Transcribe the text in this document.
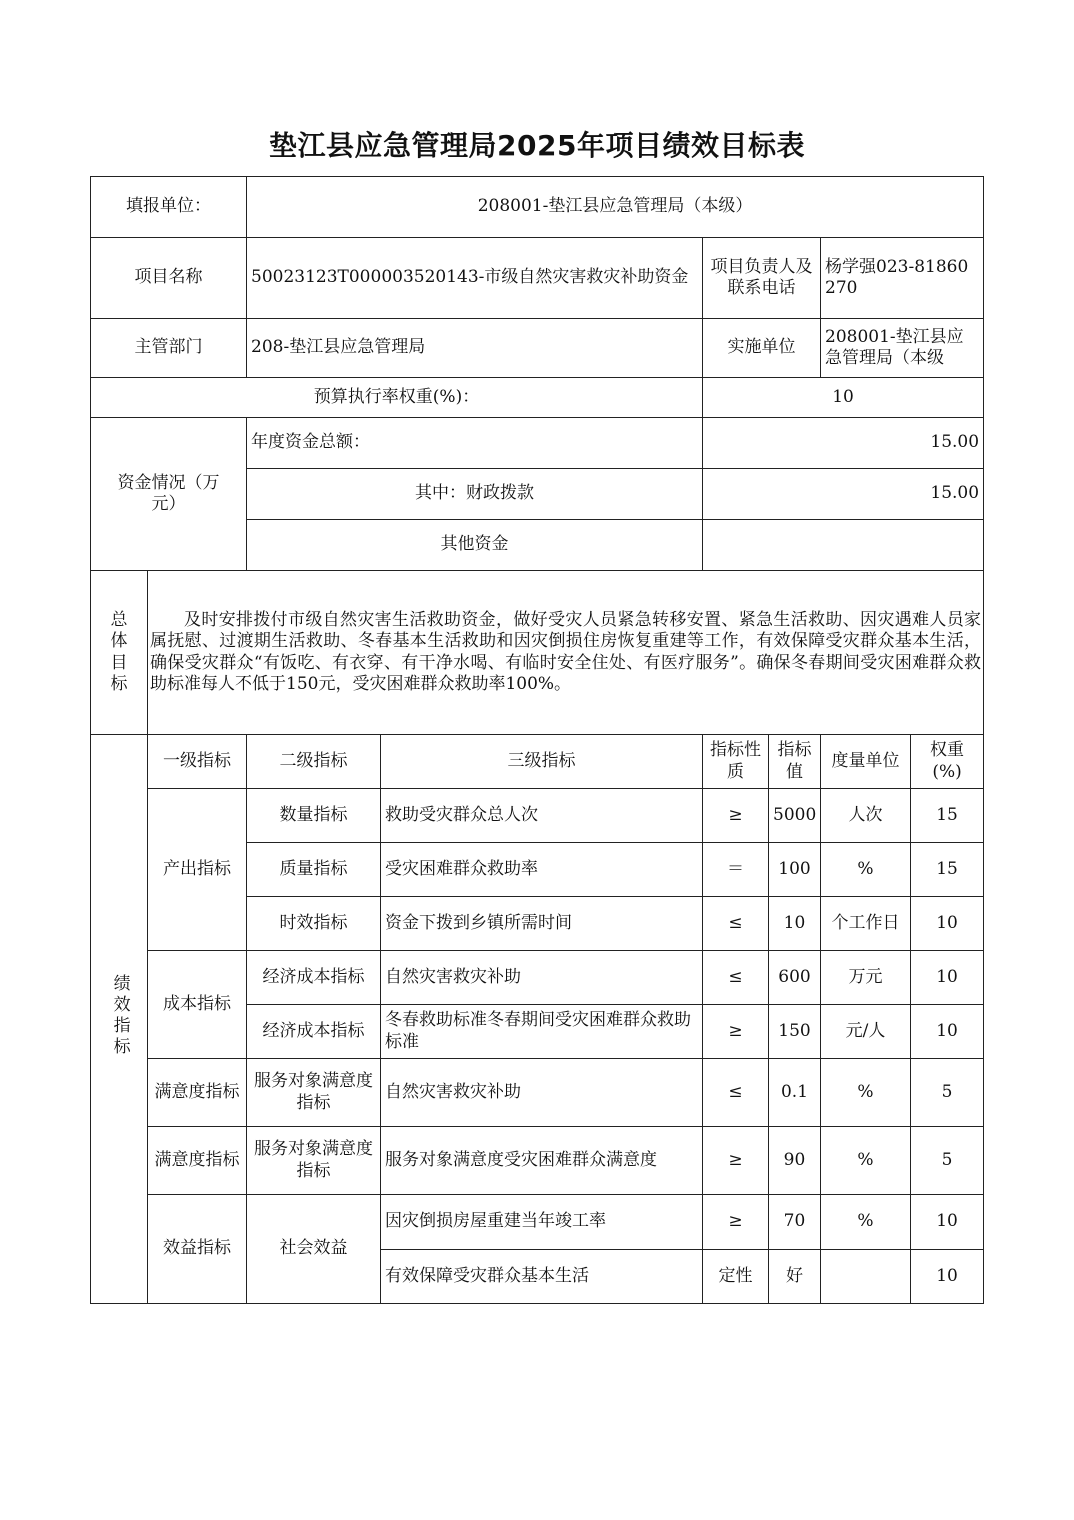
垫江县应急管理局2025年项目绩效目标表
填报单位：		208001-垫江县应急管理局（本级）					
项目名称		50023123T000003520143-市级自然灾害救灾补助资金		项目负责人及联系电话		杨学强023-81860270	
主管部门		208-垫江县应急管理局		实施单位		208001-垫江县应急管理局（本级	
预算执行率权重(%)：				10			
资金情况（万元）		年度资金总额：		15.00			
		其中：财政拨款		15.00			
		其他资金					
总体目标	及时安排拨付市级自然灾害生活救助资金，做好受灾人员紧急转移安置、紧急生活救助、因灾遇难人员家属抚慰、过渡期生活救助、冬春基本生活救助和因灾倒损住房恢复重建等工作，有效保障受灾群众基本生活，确保受灾群众“有饭吃、有衣穿、有干净水喝、有临时安全住处、有医疗服务”。确保冬春期间受灾困难群众救助标准每人不低于150元，受灾困难群众救助率100%。						
绩效指标	一级指标	二级指标	三级指标	指标性质	指标值	度量单位	权重(%)
	产出指标	数量指标	救助受灾群众总人次	≥	5000	人次	15
		质量指标	受灾困难群众救助率	＝	100	%	15
		时效指标	资金下拨到乡镇所需时间	≤	10	个工作日	10
	成本指标	经济成本指标	自然灾害救灾补助	≤	600	万元	10
		经济成本指标	冬春救助标准冬春期间受灾困难群众救助标准	≥	150	元/人	10
	满意度指标	服务对象满意度指标	自然灾害救灾补助	≤	0.1	%	5
	满意度指标	服务对象满意度指标	服务对象满意度受灾困难群众满意度	≥	90	%	5
	效益指标	社会效益	因灾倒损房屋重建当年竣工率	≥	70	%	10
			有效保障受灾群众基本生活	定性	好		10
